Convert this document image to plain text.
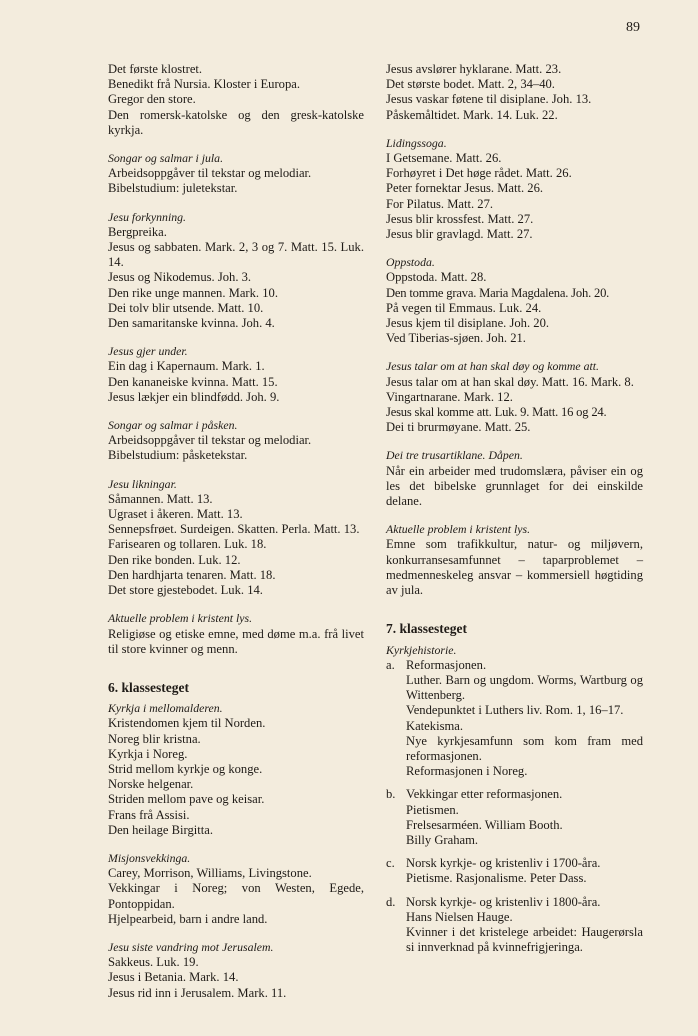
89
Det første klostret.
Benedikt frå Nursia. Kloster i Europa.
Gregor den store.
Den romersk-katolske og den gresk-katolske kyrkja.
Songar og salmar i jula.
Arbeidsoppgåver til tekstar og melodiar.
Bibelstudium: juletekstar.
Jesu forkynning.
Bergpreika.
Jesus og sabbaten. Mark. 2, 3 og 7. Matt. 15. Luk. 14.
Jesus og Nikodemus. Joh. 3.
Den rike unge mannen. Mark. 10.
Dei tolv blir utsende. Matt. 10.
Den samaritanske kvinna. Joh. 4.
Jesus gjer under.
Ein dag i Kapernaum. Mark. 1.
Den kananeiske kvinna. Matt. 15.
Jesus lækjer ein blindfødd. Joh. 9.
Songar og salmar i påsken.
Arbeidsoppgåver til tekstar og melodiar.
Bibelstudium: påsketekstar.
Jesu likningar.
Såmannen. Matt. 13.
Ugraset i åkeren. Matt. 13.
Sennepsfrøet. Surdeigen. Skatten. Perla. Matt. 13.
Farisearen og tollaren. Luk. 18.
Den rike bonden. Luk. 12.
Den hardhjarta tenaren. Matt. 18.
Det store gjestebodet. Luk. 14.
Aktuelle problem i kristent lys.
Religiøse og etiske emne, med døme m.a. frå livet til store kvinner og menn.
6. klassesteget
Kyrkja i mellomalderen.
Kristendomen kjem til Norden.
Noreg blir kristna.
Kyrkja i Noreg.
Strid mellom kyrkje og konge.
Norske helgenar.
Striden mellom pave og keisar.
Frans frå Assisi.
Den heilage Birgitta.
Misjonsvekkinga.
Carey, Morrison, Williams, Livingstone.
Vekkingar i Noreg; von Westen, Egede, Pontoppidan.
Hjelpearbeid, barn i andre land.
Jesu siste vandring mot Jerusalem.
Sakkeus. Luk. 19.
Jesus i Betania. Mark. 14.
Jesus rid inn i Jerusalem. Mark. 11.
Jesus avslører hyklarane. Matt. 23.
Det største bodet. Matt. 2, 34–40.
Jesus vaskar føtene til disiplane. Joh. 13.
Påskemåltidet. Mark. 14. Luk. 22.
Lidingssoga.
I Getsemane. Matt. 26.
Forhøyret i Det høge rådet. Matt. 26.
Peter fornektar Jesus. Matt. 26.
For Pilatus. Matt. 27.
Jesus blir krossfest. Matt. 27.
Jesus blir gravlagd. Matt. 27.
Oppstoda.
Oppstoda. Matt. 28.
Den tomme grava. Maria Magdalena. Joh. 20.
På vegen til Emmaus. Luk. 24.
Jesus kjem til disiplane. Joh. 20.
Ved Tiberias-sjøen. Joh. 21.
Jesus talar om at han skal døy og komme att.
Jesus talar om at han skal døy. Matt. 16. Mark. 8.
Vingartnarane. Mark. 12.
Jesus skal komme att. Luk. 9. Matt. 16 og 24.
Dei ti brurmøyane. Matt. 25.
Dei tre trusartiklane. Dåpen.
Når ein arbeider med trudomslæra, påviser ein og les det bibelske grunnlaget for dei einskilde delane.
Aktuelle problem i kristent lys.
Emne som trafikkultur, natur- og miljøvern, konkurransesamfunnet – taparproblemet – medmenneskeleg ansvar – kommersiell høgtiding av jula.
7. klassesteget
Kyrkjehistorie.
a. Reformasjonen.
Luther. Barn og ungdom. Worms, Wartburg og Wittenberg.
Vendepunktet i Luthers liv. Rom. 1, 16–17.
Katekisma.
Nye kyrkjesamfunn som kom fram med reformasjonen.
Reformasjonen i Noreg.
b. Vekkingar etter reformasjonen.
Pietismen.
Frelsesarméen. William Booth.
Billy Graham.
c. Norsk kyrkje- og kristenliv i 1700-åra.
Pietisme. Rasjonalisme. Peter Dass.
d. Norsk kyrkje- og kristenliv i 1800-åra.
Hans Nielsen Hauge.
Kvinner i det kristelege arbeidet: Haugerørsla si innverknad på kvinnefrigjeringa.
